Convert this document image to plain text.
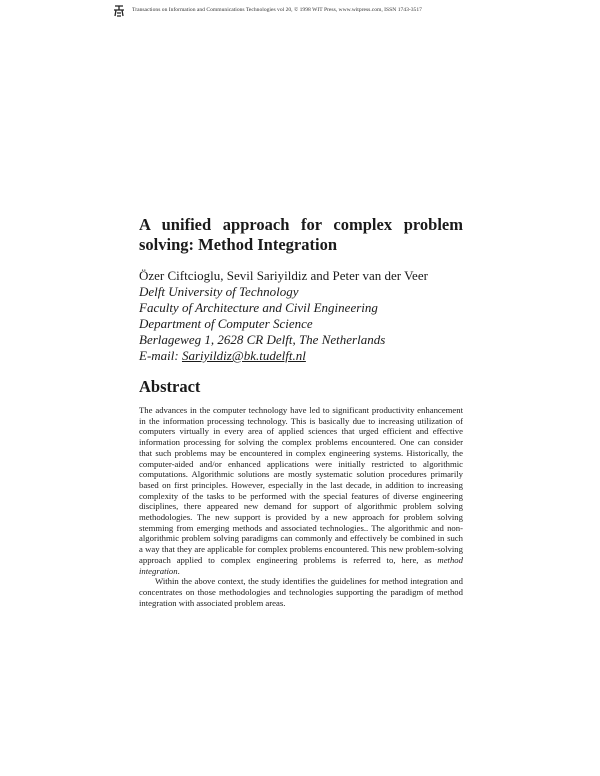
Transactions on Information and Communications Technologies vol 20, © 1998 WIT Press, www.witpress.com, ISSN 1743-3517
A unified approach for complex problem solving: Method Integration
Özer Ciftcioglu, Sevil Sariyildiz and Peter van der Veer
Delft University of Technology
Faculty of Architecture and Civil Engineering
Department of Computer Science
Berlageweg 1, 2628 CR Delft, The Netherlands
E-mail: Sariyildiz@bk.tudelft.nl
Abstract

The advances in the computer technology have led to significant productivity enhancement in the information processing technology. This is basically due to increasing utilization of computers virtually in every area of applied sciences that urged efficient and effective information processing for solving the complex problems encountered. One can consider that such problems may be encountered in complex engineering systems. Historically, the computer-aided and/or enhanced applications were initially restricted to algorithmic computations. Algorithmic solutions are mostly systematic solution procedures primarily based on first principles. However, especially in the last decade, in addition to increasing complexity of the tasks to be performed with the special features of diverse engineering disciplines, there appeared new demand for support of algorithmic problem solving methodologies. The new support is provided by a new approach for problem solving stemming from emerging methods and associated technologies.. The algorithmic and non-algorithmic problem solving paradigms can commonly and effectively be combined in such a way that they are applicable for complex problems encountered. This new problem-solving approach applied to complex engineering problems is referred to, here, as method integration.

Within the above context, the study identifies the guidelines for method integration and concentrates on those methodologies and technologies supporting the paradigm of method integration with associated problem areas.
